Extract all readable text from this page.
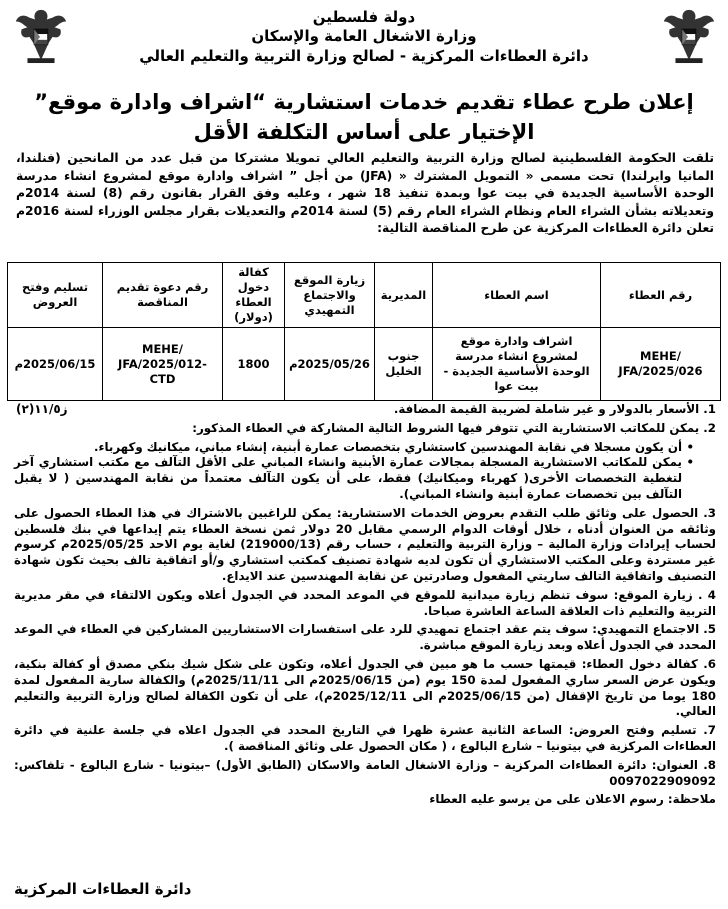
دولة فلسطين
وزارة الاشغال العامة والإسكان
دائرة العطاءات المركزية - لصالح وزارة التربية والتعليم العالي
إعلان طرح عطاء تقديم خدمات استشارية “اشراف وادارة موقع”
الإختيار على أساس التكلفة الأقل
تلقت الحكومة الفلسطينية لصالح وزارة التربية والتعليم العالي تمويلا مشتركا من قبل عدد من المانحين (فنلندا، المانيا وايرلندا) تحت مسمى « التمويل المشترك « (JFA) من أجل ” اشراف وادارة موقع لمشروع انشاء مدرسة الوحدة الأساسية الجديدة في بيت عوا وبمدة تنفيذ 18 شهر ، وعليه وفق القرار بقانون رقم (8) لسنة 2014م وتعديلاته بشأن الشراء العام ونظام الشراء العام رقم (5) لسنة 2014م والتعديلات بقرار مجلس الوزراء لسنة 2016م تعلن دائرة العطاءات المركزية عن طرح المناقصة التالية:
رقم العطاء	اسم العطاء	المديرية	زيارة الموقع والاجتماع التمهيدي	كفالة دخول العطاء (دولار)	رقم دعوة تقديم المناقصة	تسليم وفتح العروض
MEHE/ JFA/2025/026	اشراف وادارة موقع لمشروع انشاء مدرسة الوحدة الأساسية الجديدة - بيت عوا	جنوب الخليل	2025/05/26م	1800	MEHE/ JFA/2025/012-CTD	2025/06/15م
ز١١/٥(٢)	1. الأسعار بالدولار و غير شاملة لضريبة القيمة المضافة.

2. يمكن للمكاتب الاستشارية التي تتوفر فيها الشروط التالية المشاركة في العطاء المذكور:

• أن يكون مسجلا في نقابة المهندسين كاستشاري بتخصصات عمارة أبنية، إنشاء مباني، ميكانيك وكهرباء.
• يمكن للمكاتب الاستشارية المسجلة بمجالات عمارة الأبنية وانشاء المباني على الأقل التآلف مع مكتب استشاري آخر لتغطية التخصصات الأخرى( كهرباء وميكانيك) فقط، على أن يكون التآلف معتمداً من نقابة المهندسين ( لا يقبل التآلف بين تخصصات عمارة أبنية وانشاء المباني).

3. الحصول على وثائق طلب التقدم بعروض الخدمات الاستشارية: يمكن للراغبين بالاشتراك في هذا العطاء الحصول على وثائقه من العنوان أدناه ، خلال أوقات الدوام الرسمي مقابل 20 دولار ثمن نسخة العطاء يتم إيداعها في بنك فلسطين لحساب إيرادات وزارة المالية – وزارة التربية والتعليم ، حساب رقم (219000/13) لغاية يوم الاحد 2025/05/25م كرسوم غير مستردة وعلى المكتب الاستشاري أن تكون لديه شهادة تصنيف كمكتب استشاري و/أو اتفاقية تالف بحيث تكون شهادة التصنيف واتفاقية التالف ساريتي المفعول وصادرتين عن نقابة المهندسين عند الايداع.

4 . زيارة الموقع: سوف تنظم زيارة ميدانية للموقع في الموعد المحدد في الجدول أعلاه ويكون الالتقاء في مقر مديرية التربية والتعليم ذات العلاقة الساعة العاشرة صباحا.

5. الاجتماع التمهيدي: سوف يتم عقد اجتماع تمهيدي للرد على استفسارات الاستشاريين المشاركين في العطاء في الموعد المحدد في الجدول أعلاه وبعد زيارة الموقع مباشرة.

6. كفالة دخول العطاء: قيمتها حسب ما هو مبين في الجدول أعلاه، وتكون على شكل شيك بنكي مصدق أو كفالة بنكية، ويكون عرض السعر ساري المفعول لمدة 150 يوم (من 2025/06/15م الى 2025/11/11م) والكفالة سارية المفعول لمدة 180 يوما من تاريخ الإقفال (من 2025/06/15م الى 2025/12/11م)، على أن تكون الكفالة لصالح وزارة التربية والتعليم العالي.

7. تسليم وفتح العروض: الساعة الثانية عشرة ظهرا في التاريخ المحدد في الجدول اعلاه في جلسة علنية في دائرة العطاءات المركزية في بيتونيا – شارع البالوع ، ( مكان الحصول على وثائق المناقصة ).

8. العنوان: دائرة العطاءات المركزية – وزارة الاشغال العامة والاسكان (الطابق الأول) –بيتونيا - شارع البالوع - تلفاكس: 0097022909092

ملاحظة: رسوم الاعلان على من يرسو عليه العطاء

دائرة العطاءات المركزية
